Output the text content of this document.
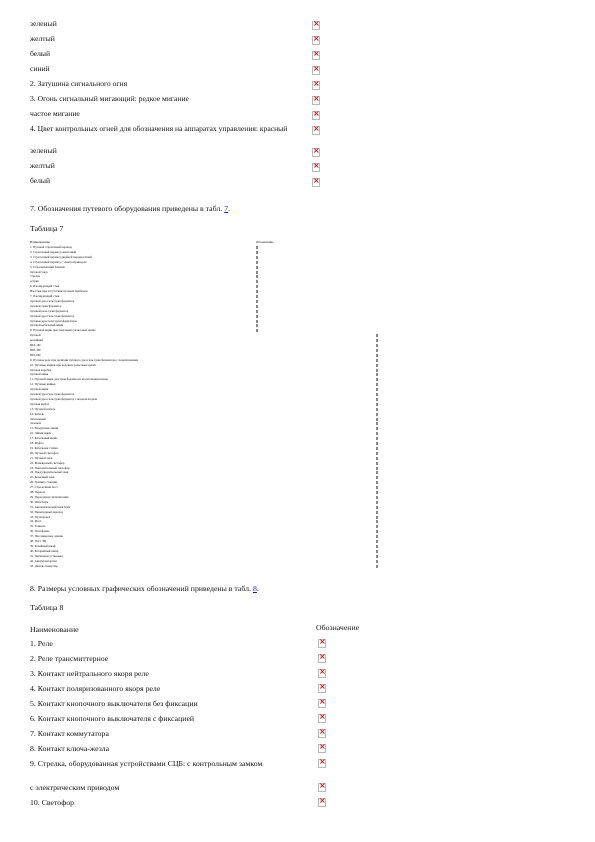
зеленый
×
желтый
×
белый
×
синий
×
2. Затушина сигнального огня
×
3. Огонь сигнальный мигающий: редкое мигание
×
частое мигание
×
4. Цвет контрольных огней для обозначения на аппаратах управления: красный
×
зеленый
×
желтый
×
белый
×
7. Обозначения путевого оборудования приведены в табл. 7.
Таблица 7
Наименование	Обозначение
1. Путевой стрелочный перевод
2. Стрелочный перевод одиночный
3. Стрелочный перевод двойной перекрестный
4. Стрелочный перевод с электроприводом
5. Сбрасывающий башмак
путевой упор
стрелка
остряк
6. Изолирующий стык
Изостык при отсутствии путевых приборов
7. Изолирующий стык
путевой дроссель-трансформатор
путевой трансформатор
путевой реле-трансформатор
путевой дроссель-трансформатор
путевые дроссели-трансформаторы
путевой кабельный ящик
8. Путевой ящик при тональных рельсовых цепях
путевой
релейный
ШЛ-1М
ШЛ-3М
ШЛ-6М
9. Путевое реле при наличии путевого дроссель-трансформатора с подключением
10. Путевые ящики при кодовых рельсовых цепях
путевая коробка
путевой ящик
11. Путевой ящик для трансформатора на питающем конце
12. Путевые ящики
путевой ящик
путевой дроссель-трансформатор
путевой дроссель-трансформатор с конденсатором
путевая муфта
13. Путевой кабель
14. Кабель
сигнальный
силовой
15. Воздушная линия
16. Линия связи
17. Кабельный ящик
18. Муфта
19. Кабельная стойка
20. Путевой светофор
21. Путевой знак
22. Маневровый светофор
23. Повторительный светофор
24. Предупредительный знак
25. Конечный знак
26. Граница станции
27. Стрелочный пост
28. Переезд
29. Переездная сигнализация
30. Шлагбаум
31. Автоматический шлагбаум
32. Пешеходный переход
33. Путепровод
34. Мост
35. Тоннель
36. Платформа
37. Пассажирское здание
38. Пост ЭЦ
39. Релейный шкаф
40. Батарейный шкаф
41. Питающая установка
42. Аккумуляторная
43. Дизель-генератор
8. Размеры условных графических обозначений приведены в табл. 8.
Таблица 8
Наименование	Обозначение
1. Реле
×
2. Реле трансмиттерное
×
3. Контакт нейтрального якоря реле
×
4. Контакт поляризованного якоря реле
×
5. Контакт кнопочного выключателя без фиксации
×
6. Контакт кнопочного выключателя с фиксацией
×
7. Контакт коммутатора
×
8. Контакт ключа-жезла
×
9. Стрелка, оборудованная устройствами СЦБ: с контрольным замком
×
с электрическим приводом
×
10. Светофор
×
